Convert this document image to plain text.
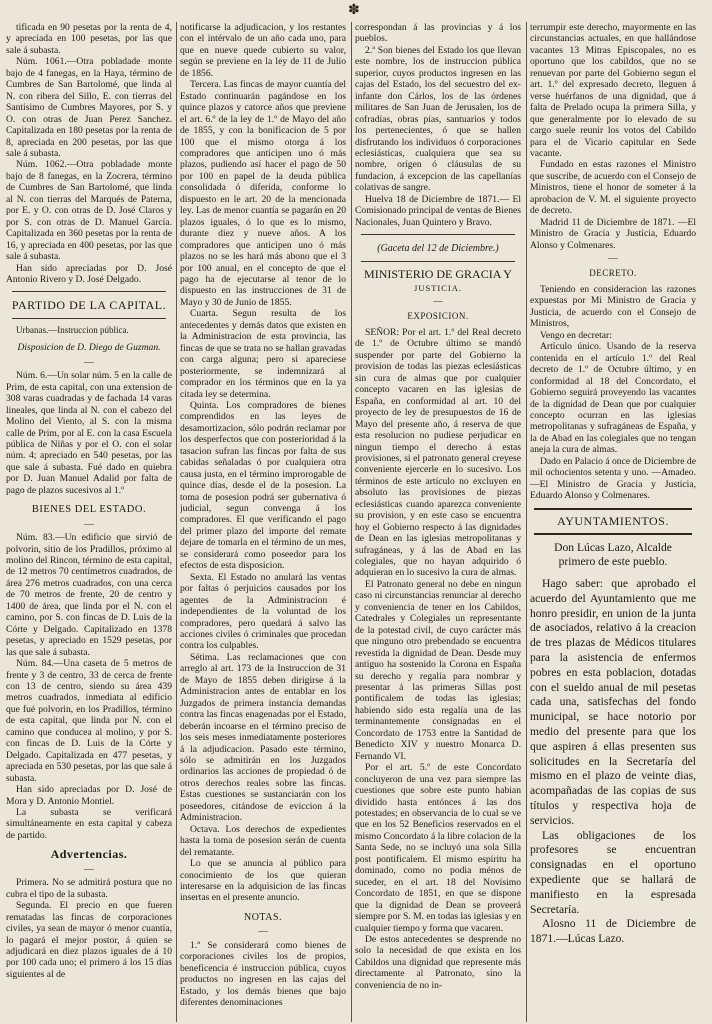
✽

tificada en 90 pesetas por la renta de 4, y apreciada en 100 pesetas, por las que sale á subasta.

Núm. 1061.—Otra pobladade monte bajo de 4 fanegas, en la Haya, término de Cumbres de San Bartolomé, que linda al N. con ribera del Sillo, E. con tierras del Santísimo de Cumbres Mayores, por S. y O. con otras de Juan Perez Sanchez. Capitalizada en 180 pesetas por la renta de 8, apreciada en 200 pesetas, por las que sale á subasta.

Núm. 1062.—Otra pobladade monte bajo de 8 fanegas, en la Zocrera, término de Cumbres de San Bartolomé, que linda al N. con tierras del Marqués de Paterna, por E. y O. con otras de D. José Claros y por S. con otras de D. Manuel García. Capitalizada en 360 pesetas por la renta de 16, y apreciada en 400 pesetas, por las que sale á subasta.

Han sido apreciadas por D. José Antonio Rivero y D. José Delgado.

PARTIDO DE LA CAPITAL.

Urbanas.—Instruccion pública.

Disposicion de D. Diego de Guzman.
—

Núm. 6.—Un solar núm. 5 en la calle de Prim, de esta capital, con una extension de 308 varas cuadradas y de fachada 14 varas lineales, que linda al N. con el cabezo del Molino del Viento, al S. con la misma calle de Prim, por al E. con la casa Escuela pública de Niñas y por el O. con el solar núm. 4; apreciado en 540 pesetas, por las que sale á subasta. Fué dado en quiebra por D. Juan Manuel Adalid por falta de pago de plazos sucesivos al 1.º

BIENES DEL ESTADO.
—

Núm. 83.—Un edificio que sirvió de polvorin, sitio de los Pradillos, próximo al molino del Rincon, término de esta capital, de 12 metros 70 centímetros cuadrados, de área 276 metros cuadrados, con una cerca de 70 metros de frente, 20 de centro y 1400 de área, que linda por el N. con el camino, por S. con fincas de D. Luis de la Córte y Delgado. Capitalizado en 1378 pesetas, y apreciado en 1529 pesetas, por las que sale á subasta.

Núm. 84.—Una caseta de 5 metros de frente y 3 de centro, 33 de cerca de frente con 13 de centro, siendo su área 439 metros cuadrados, inmediata al edificio que fué polvorin, en los Pradillos, término de esta capital, que linda por N. con el camino que conducea al molino, y por S. con fincas de D. Luis de la Córte y Delgado. Capitalizada en 477 pesetas, y apreciada en 530 pesetas, por las que sale á subasta.

Han sido apreciadas por D. José de Mora y D. Antonio Montiel.

La subasta se verificará simultáneamente en esta capital y cabeza de partido.

Advertencias.
—

Primera. No se admitirá postura que no cubra el tipo de la subasta.

Segunda. El precio en que fueren rematadas las fincas de corporaciones civiles, ya sean de mayor ó menor cuantía, lo pagará el mejor postor, á quien se adjudicará en diez plazos iguales de á 10 por 100 cada uno; el primero á los 15 días siguientes al de

notificarse la adjudicacion, y los restantes con el intérvalo de un año cada uno, para que en nueve quede cubierto su valor, según se previene en la ley de 11 de Julio de 1856.

Tercera. Las fincas de mayor cuantía del Estado continuarán pagándose en los quince plazos y catorce años que previene el art. 6.º de la ley de 1.º de Mayo del año de 1855, y con la bonificacion de 5 por 100 que el mismo otorga á los compradores que anticipen uno ó más plazos, pudiendo así hacer el pago de 50 por 100 en papel de la deuda pública consolidada ó diferida, conforme lo dispuesto en le art. 20 de la mencionada ley. Las de menor cuantía se pagarán en 20 plazos iguales, ó lo que es lo mismo, durante diez y nueve años. A los compradores que anticipen uno ó más plazos no se les hará más abono que el 3 por 100 anual, en el concepto de que el pago ha de ejecutarse al tenor de lo dispuesto en las instrucciones de 31 de Mayo y 30 de Junio de 1855.

Cuarta. Segun resulta de los antecedentes y demás datos que existen en la Administracion de esta provincia, las fincas de que se trata no se hallan gravadas con carga alguna; pero si apareciese posteriormente, se indemnizará al comprador en los términos que en la ya citada ley se determina.

Quinta. Los compradores de bienes comprendidos en las leyes de desamortizacion, sólo podrán reclamar por los desperfectos que con posterioridad á la tasacion sufran las fincas por falta de sus cabidas señaladas ó por cualquiera otra causa justa, en el término improrogable de quince días, desde el de la posesion. La toma de posesion podrá ser gubernativa ó judicial, segun convenga á los compradores. El que verificando el pago del primer plazo del importe del remate dejare de tomarla en el término de un mes, se considerará como poseedor para los efectos de esta disposicion.

Sexta. El Estado no anulará las ventas por faltas ó perjuicios causados por los agentes de la Administracion é independientes de la voluntad de los compradores, pero quedará á salvo las acciones civiles ó criminales que procedan contra los culpables.

Sétima. Las reclamaciones que con arreglo al art. 173 de la Instruccion de 31 de Mayo de 1855 deben dirigirse á la Administracion antes de entablar en los Juzgados de primera instancia demandas contra las fincas enagenadas por el Estado, deberán incoarse en el término preciso de los seis meses inmediatamente posteriores á la adjudicacion. Pasado este término, sólo se admitirán en los Juzgados ordinarios las acciones de propiedad ó de otros derechos reales sobre las fincas. Estas cuestiones se sustanciarán con los poseedores, citándose de eviccion á la Administracion.

Octava. Los derechos de expedientes hasta la toma de posesion serán de cuenta del rematante.

Lo que se anuncia al público para conocimiento de los que quieran interesarse en la adquisicion de las fincas insertas en el presente anuncio.

NOTAS.
—

1.ª Se considerará como bienes de corporaciones civiles los de propios, beneficencia é instruccion pública, cuyos productos no ingresen en las cajas del Estado, y los demás bienes que bajo diferentes denominaciones

correspondan á las provincias y á los pueblos.

2.ª Son bienes del Estado los que llevan este nombre, los de instruccion pública superior, cuyos productos ingresen en las cajas del Estado, los del secuestro del ex-infante don Cárlos, los de las órdenes militares de San Juan de Jerusalen, los de cofradías, obras pías, santuarios y todos los pertenecientes, ó que se hallen disfrutando los individuos ó corporaciones eclesiásticas, cualquiera que sea su nombre, orígen ó cláusulas de su fundacion, á excepcion de las capellanías colativas de sangre.

Huelva 18 de Diciembre de 1871.— El Comisionado principal de ventas de Bienes Nacionales, Juan Quintero y Bravo.

(Gaceta del 12 de Diciembre.)
MINISTERIO DE GRACIA Y
JUSTICIA.
—
EXPOSICION.

SEÑOR: Por el art. 1.º del Real decreto de 1.º de Octubre último se mandó suspender por parte del Gobierno la provision de todas las piezas eclesiásticas sin cura de almas que por cualquier concepto vacaren en las iglesias de España, en conformidad al art. 10 del proyecto de ley de presupuestos de 16 de Mayo del presente año, á reserva de que esta resolucion no pudiese perjudicar en ningun tiempo el derecho á estas provisiones, si el patronato general creyese conveniente ejercerle en lo sucesivo. Los términos de este artículo no excluyen en absoluto las provisiones de piezas eclesiásticas cuando aparezca conveniente su provision, y en este caso se encuentra hoy el Gobierno respecto á las dignidades de Dean en las iglesias metropolitanas y sufragáneas, y á las de Abad en las colegiales, que no hayan adquirido ó adquieran en lo sucesivo la cura de almas.

El Patronato general no debe en ningun caso ni circunstancias renunciar al derecho y conveniencia de tener en los Cabildos, Catedrales y Colegiales un representante de la potestad civil, de cuyo carácter más que ninguno otro prebendado se encuentra revestida la dignidad de Dean. Desde muy antiguo ha sostenido la Corona en España su derecho y regalía para nombrar y presentar á las primeras Sillas post pontificalem de todas las iglesias; habiendo sido esta regalía una de las terminantemente consignadas en el Concordato de 1753 entre la Santidad de Benedicto XIV y nuestro Monarca D. Fernando VI.

Por el art. 5.º de este Concordato concluyeron de una vez para siempre las cuestiones que sobre este punto habian dividido hasta entónces á las dos potestades; en observancia de lo cual se ve que en los 52 Beneficios reservados en el mismo Concordato á la libre colacion de la Santa Sede, no se incluyó una sola Silla post pontificalem. El mismo espíritu ha dominado, como no podia ménos de suceder, en el art. 18 del Novísimo Concordato de 1851, en que se dispone que la dignidad de Dean se proveerá siempre por S. M. en todas las iglesias y en cualquier tiempo y forma que vacaren.

De estos antecedentes se desprende no solo la necesidad de que exista en los Cabildos una dignidad que represente más directamente al Patronato, sino la conveniencia de no in-

terrumpir este derecho, mayormente en las circunstancias actuales, en que hallándose vacantes 13 Mitras Episcopales, no es oportuno que los cabildos, que no se renuevan por parte del Gobierno segun el art. 1.º del expresado decreto, lleguen á verse huérfanos de una dignidad, que á falta de Prelado ocupa la primera Silla, y que generalmente por lo elevado de su cargo suele reunir los votos del Cabildo para el de Vicario capitular en Sede vacante.

Fundado en estas razones el Ministro que suscribe, de acuerdo con el Consejo de Ministros, tiene el honor de someter á la aprobacion de V. M. el siguiente proyecto de decreto.

Madrid 11 de Diciembre de 1871. —El Ministro de Gracia y Justicia, Eduardo Alonso y Colmenares.

—
DECRETO.

Teniendo en consideracion las razones expuestas por Mi Ministro de Gracia y Justicia, de acuerdo con el Consejo de Ministros,

Vengo en decretar:

Artículo único. Usando de la reserva contenida en el artículo 1.º del Real decreto de 1.º de Octubre último, y en conformidad al 18 del Concordato, el Gobierno seguirá proveyendo las vacantes de la dignidad de Dean que por cualquier concepto ocurran en las iglesias metropolitanas y sufragáneas de España, y la de Abad en las colegiales que no tengan aneja la cura de almas.

Dado en Palacio á once de Diciembre de mil ochocientos setenta y uno. —Amadeo.—El Ministro de Gracia y Justicia, Eduardo Alonso y Colmenares.

AYUNTAMIENTOS.
Don Lúcas Lazo, Alcalde primero de este pueblo.

Hago saber: que aprobado el acuerdo del Ayuntamiento que me honro presidir, en union de la junta de asociados, relativo á la creacion de tres plazas de Médicos titulares para la asistencia de enfermos pobres en esta poblacion, dotadas con el sueldo anual de mil pesetas cada una, satisfechas del fondo municipal, se hace notorio por medio del presente para que los que aspiren á ellas presenten sus solicitudes en la Secretaría del mismo en el plazo de veinte dias, acompañadas de las copias de sus títulos y respectiva hoja de servicios.

Las obligaciones de los profesores se encuentran consignadas en el oportuno expediente que se hallará de manifiesto en la espresada Secretaría.

Alosno 11 de Diciembre de 1871.—Lúcas Lazo.
